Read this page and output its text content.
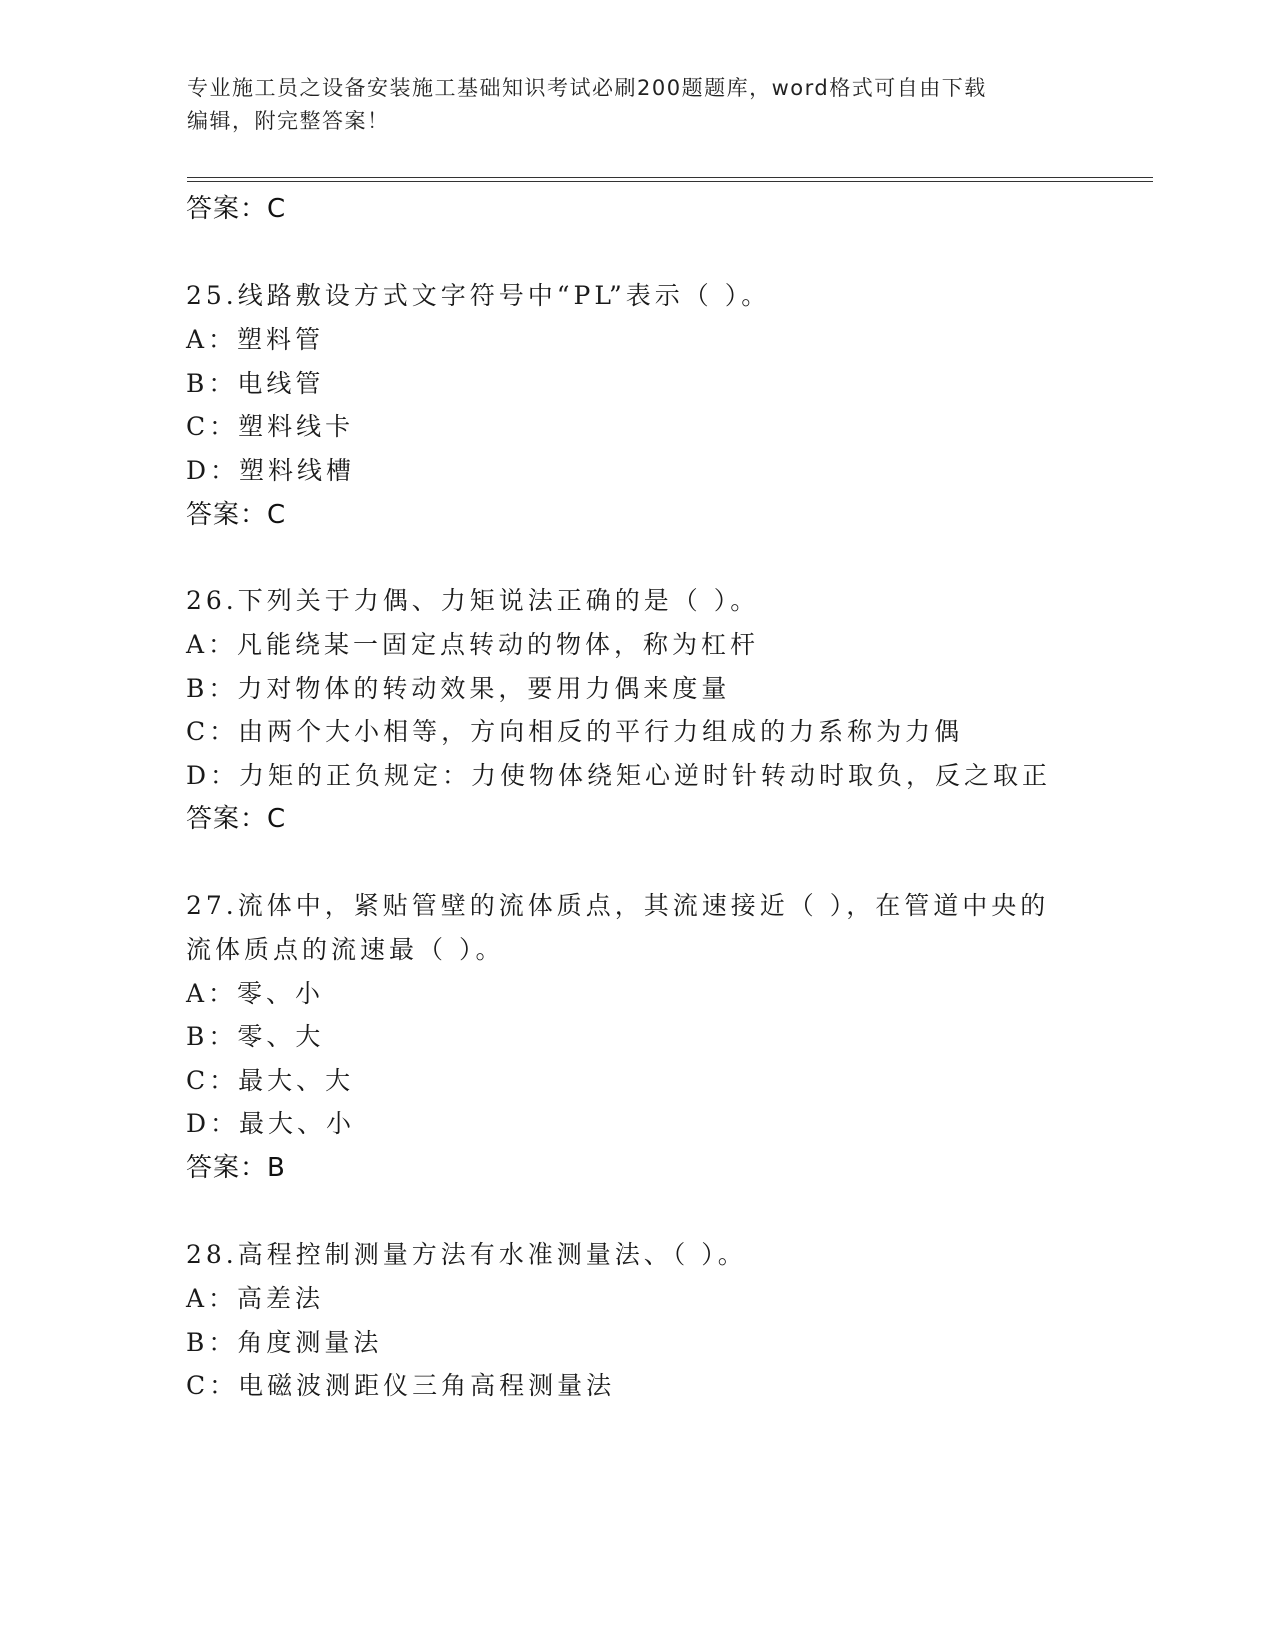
专业施工员之设备安装施工基础知识考试必刷200题题库，word格式可自由下载
编辑，附完整答案！
答案：C
25.线路敷设方式文字符号中“PL”表示（ ）。
A：塑料管
B：电线管
C：塑料线卡
D：塑料线槽
答案：C
26.下列关于力偶、力矩说法正确的是（ ）。
A：凡能绕某一固定点转动的物体，称为杠杆
B：力对物体的转动效果，要用力偶来度量
C：由两个大小相等，方向相反的平行力组成的力系称为力偶
D：力矩的正负规定：力使物体绕矩心逆时针转动时取负，反之取正
答案：C
27.流体中，紧贴管壁的流体质点，其流速接近（ ），在管道中央的
流体质点的流速最（ ）。
A：零、小
B：零、大
C：最大、大
D：最大、小
答案：B
28.高程控制测量方法有水准测量法、（ ）。
A：高差法
B：角度测量法
C：电磁波测距仪三角高程测量法
